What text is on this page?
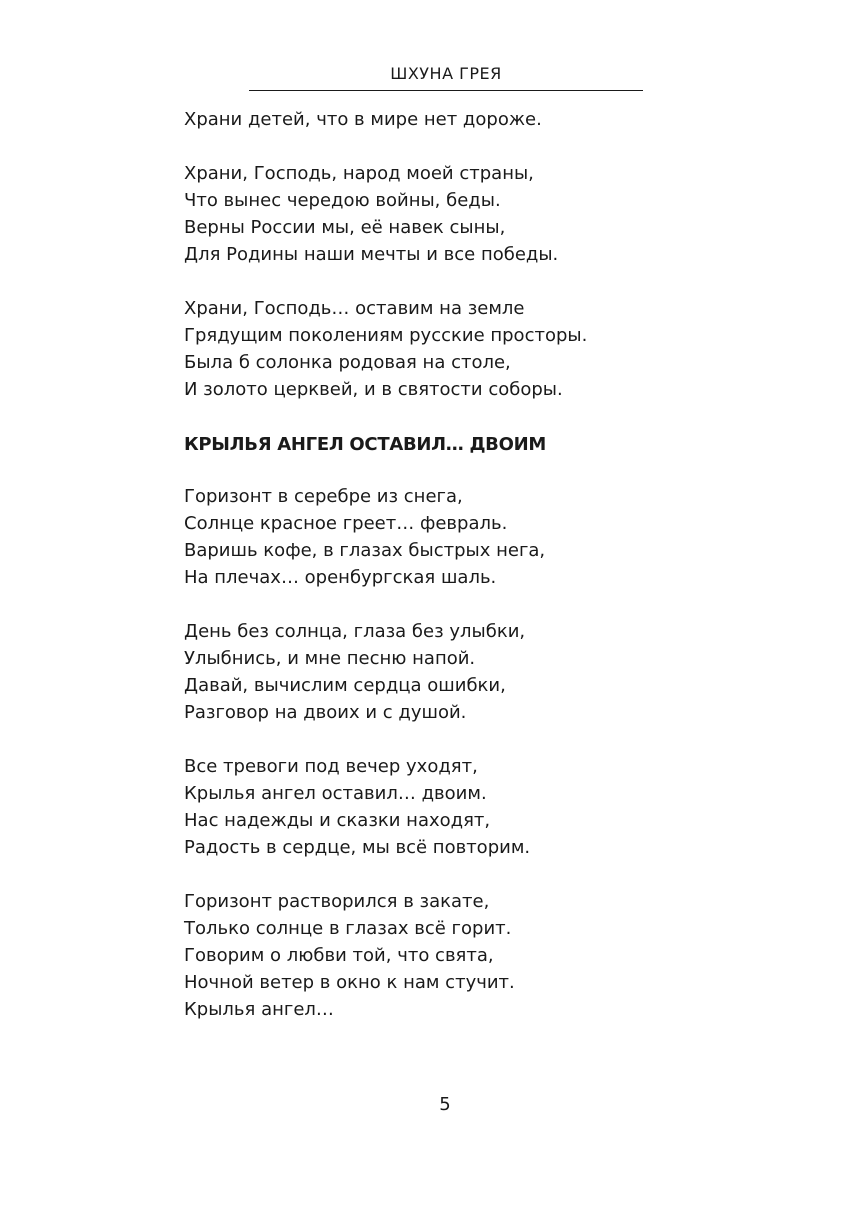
ШХУНА ГРЕЯ
Храни детей, что в мире нет дороже.
Храни, Господь, народ моей страны,
Что вынес чередою войны, беды.
Верны России мы, её навек сыны,
Для Родины наши мечты и все победы.
Храни, Господь… оставим на земле
Грядущим поколениям русские просторы.
Была б солонка родовая на столе,
И золото церквей, и в святости соборы.
КРЫЛЬЯ АНГЕЛ ОСТАВИЛ… ДВОИМ
Горизонт в серебре из снега,
Солнце красное греет… февраль.
Варишь кофе, в глазах быстрых нега,
На плечах… оренбургская шаль.
День без солнца, глаза без улыбки,
Улыбнись, и мне песню напой.
Давай, вычислим сердца ошибки,
Разговор на двоих и с душой.
Все тревоги под вечер уходят,
Крылья ангел оставил… двоим.
Нас надежды и сказки находят,
Радость в сердце, мы всё повторим.
Горизонт растворился в закате,
Только солнце в глазах всё горит.
Говорим о любви той, что свята,
Ночной ветер в окно к нам стучит.
Крылья ангел…
5
